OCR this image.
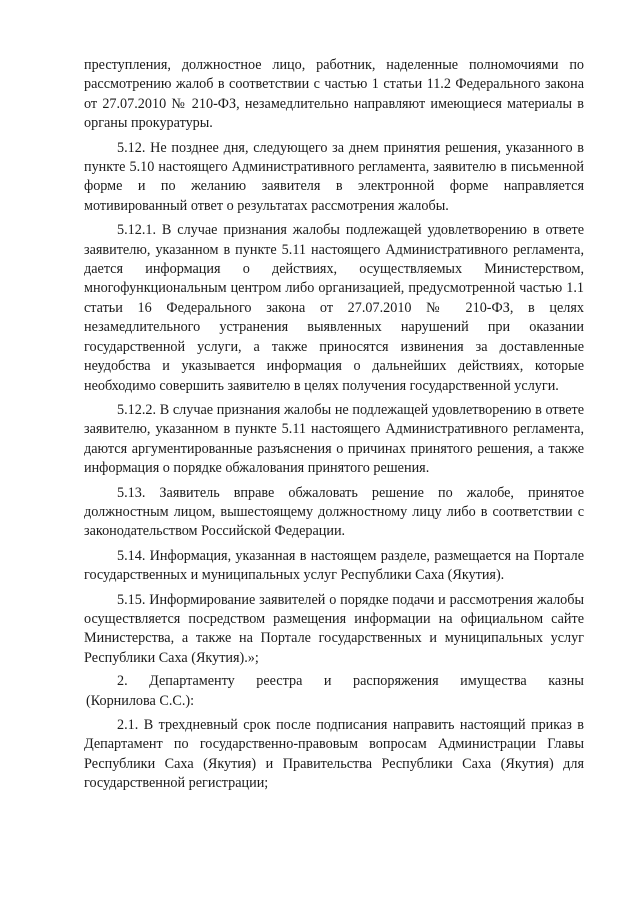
преступления, должностное лицо, работник, наделенные полномочиями по рассмотрению жалоб в соответствии с частью 1 статьи 11.2 Федерального закона от 27.07.2010 № 210-ФЗ, незамедлительно направляют имеющиеся материалы в органы прокуратуры.

5.12. Не позднее дня, следующего за днем принятия решения, указанного в пункте 5.10 настоящего Административного регламента, заявителю в письменной форме и по желанию заявителя в электронной форме направляется мотивированный ответ о результатах рассмотрения жалобы.

5.12.1. В случае признания жалобы подлежащей удовлетворению в ответе заявителю, указанном в пункте 5.11 настоящего Административного регламента, дается информация о действиях, осуществляемых Министерством, многофункциональным центром либо организацией, предусмотренной частью 1.1 статьи 16 Федерального закона от 27.07.2010 № 210-ФЗ, в целях незамедлительного устранения выявленных нарушений при оказании государственной услуги, а также приносятся извинения за доставленные неудобства и указывается информация о дальнейших действиях, которые необходимо совершить заявителю в целях получения государственной услуги.

5.12.2. В случае признания жалобы не подлежащей удовлетворению в ответе заявителю, указанном в пункте 5.11 настоящего Административного регламента, даются аргументированные разъяснения о причинах принятого решения, а также информация о порядке обжалования принятого решения.

5.13. Заявитель вправе обжаловать решение по жалобе, принятое должностным лицом, вышестоящему должностному лицу либо в соответствии с законодательством Российской Федерации.

5.14. Информация, указанная в настоящем разделе, размещается на Портале государственных и муниципальных услуг Республики Саха (Якутия).

5.15. Информирование заявителей о порядке подачи и рассмотрения жалобы осуществляется посредством размещения информации на официальном сайте Министерства, а также на Портале государственных и муниципальных услуг Республики Саха (Якутия).»;

2. Департаменту реестра и распоряжения имущества казны

(Корнилова С.С.):

2.1. В трехдневный срок после подписания направить настоящий приказ в Департамент по государственно-правовым вопросам Администрации Главы Республики Саха (Якутия) и Правительства Республики Саха (Якутия) для государственной регистрации;
